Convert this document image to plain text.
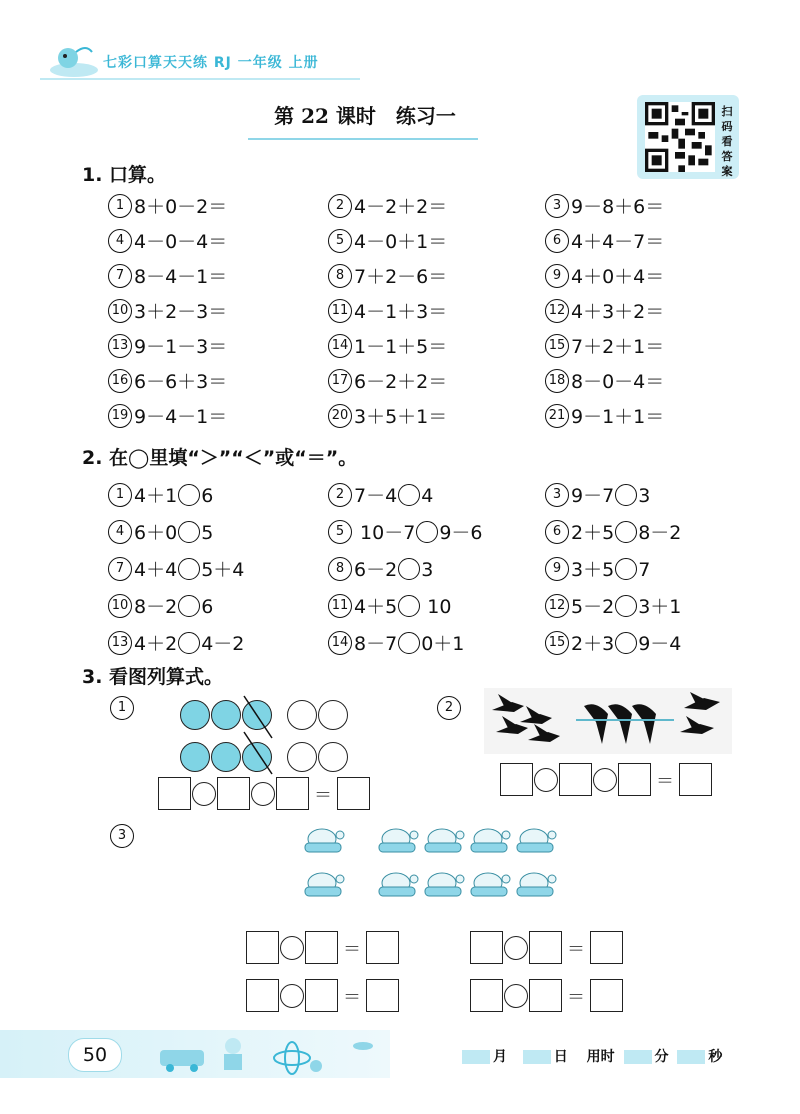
七彩口算天天练 RJ 一年级 上册
第 22 课时　练习一	扫码看答案
1. 口算。
1 8＋0－2＝	2 4－2＋2＝	3 9－8＋6＝
4 4－0－4＝	5 4－0＋1＝	6 4＋4－7＝
7 8－4－1＝	8 7＋2－6＝	9 4＋0＋4＝
10 3＋2－3＝	11 4－1＋3＝	12 4＋3＋2＝
13 9－1－3＝	14 1－1＋5＝	15 7＋2＋1＝
16 6－6＋3＝	17 6－2＋2＝	18 8－0－4＝
19 9－4－1＝	20 3＋5＋1＝	21 9－1＋1＝
2. 在◯里填“＞”“＜”或“＝”。
1 4＋1 6	2 7－4 4	3 9－7 3
4 6＋0 5	5 10－7 9－6	6 2＋5 8－2
7 4＋4 5＋4	8 6－2 3	9 3＋5 7
10 8－2 6	11 4＋5 10	12 5－2 3＋1
13 4＋2 4－2	14 8－7 0＋1	15 2＋3 9－4
3. 看图列算式。
1
＝
2
＝
3
＝	＝
＝	＝
50	月	日 用时	分	秒
